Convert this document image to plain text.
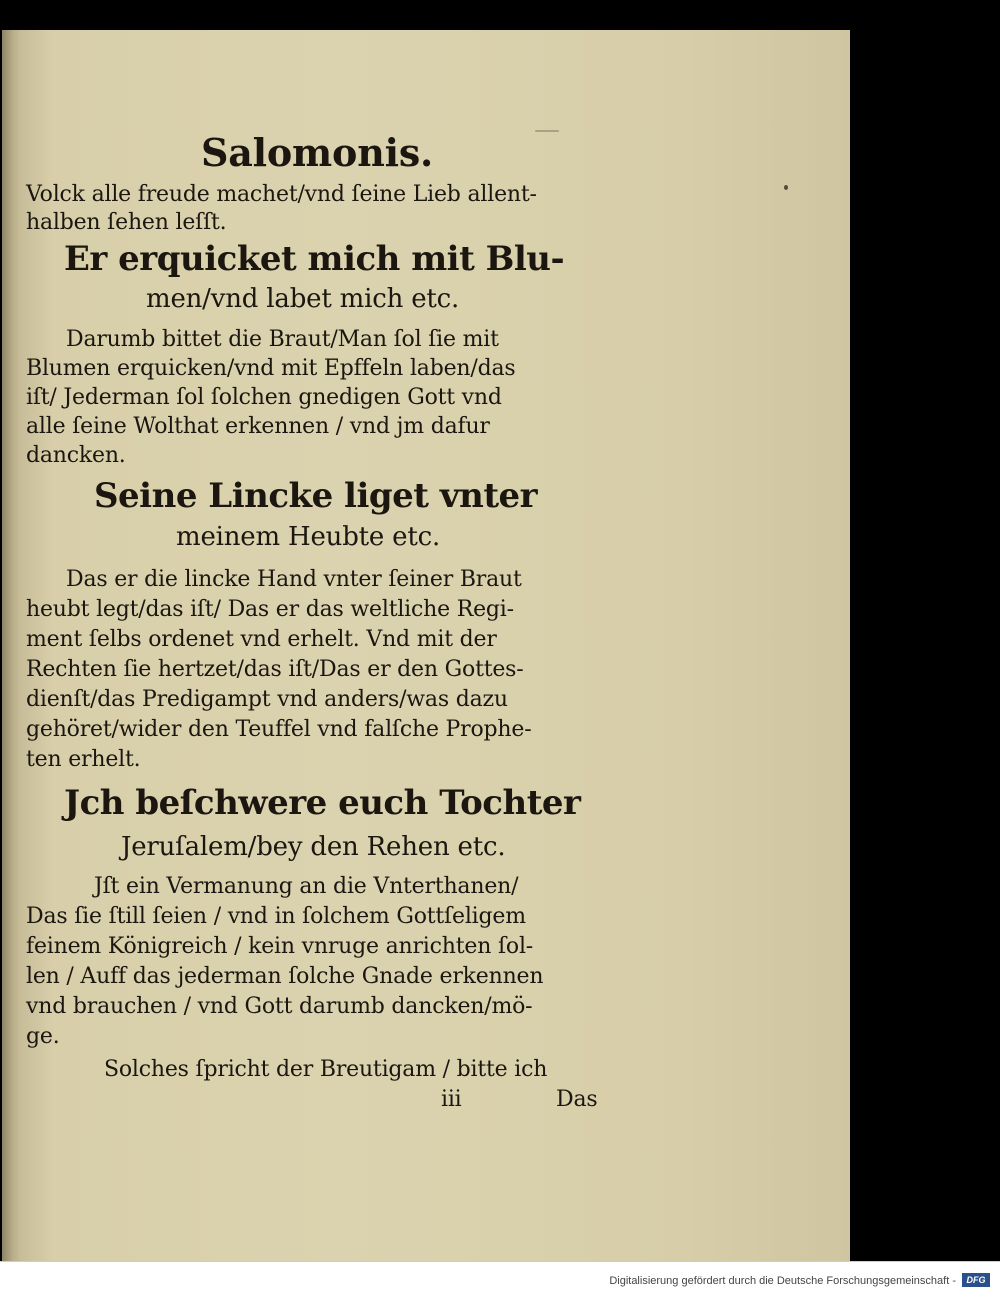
Salomonis.
Volck alle freude machet/vnd ſeine Lieb allent-
halben ſehen leſſt.
Er erquicket mich mit Blu-
men/vnd labet mich etc.
Darumb bittet die Braut/Man ſol ſie mit
Blumen erquicken/vnd mit Epffeln laben/das
iſt/ Jederman ſol ſolchen gnedigen Gott vnd
alle ſeine Wolthat erkennen / vnd jm dafur
dancken.
Seine Lincke liget vnter
meinem Heubte etc.
Das er die lincke Hand vnter ſeiner Braut
heubt legt/das iſt/ Das er das weltliche Regi-
ment ſelbs ordenet vnd erhelt. Vnd mit der
Rechten ſie hertzet/das iſt/Das er den Gottes-
dienſt/das Predigampt vnd anders/was dazu
gehöret/wider den Teuffel vnd falſche Prophe-
ten erhelt.
Jch beſchwere euch Tochter
Jeruſalem/bey den Rehen etc.
Jſt ein Vermanung an die Vnterthanen/
Das ſie ſtill ſeien / vnd in ſolchem Gottſeligem
feinem Königreich / kein vnruge anrichten ſol-
len / Auff das jederman ſolche Gnade erkennen
vnd brauchen / vnd Gott darumb dancken/mö-
ge.
Solches ſpricht der Breutigam / bitte ich
iii	Das
Digitalisierung gefördert durch die Deutsche Forschungsgemeinschaft -	DFG
